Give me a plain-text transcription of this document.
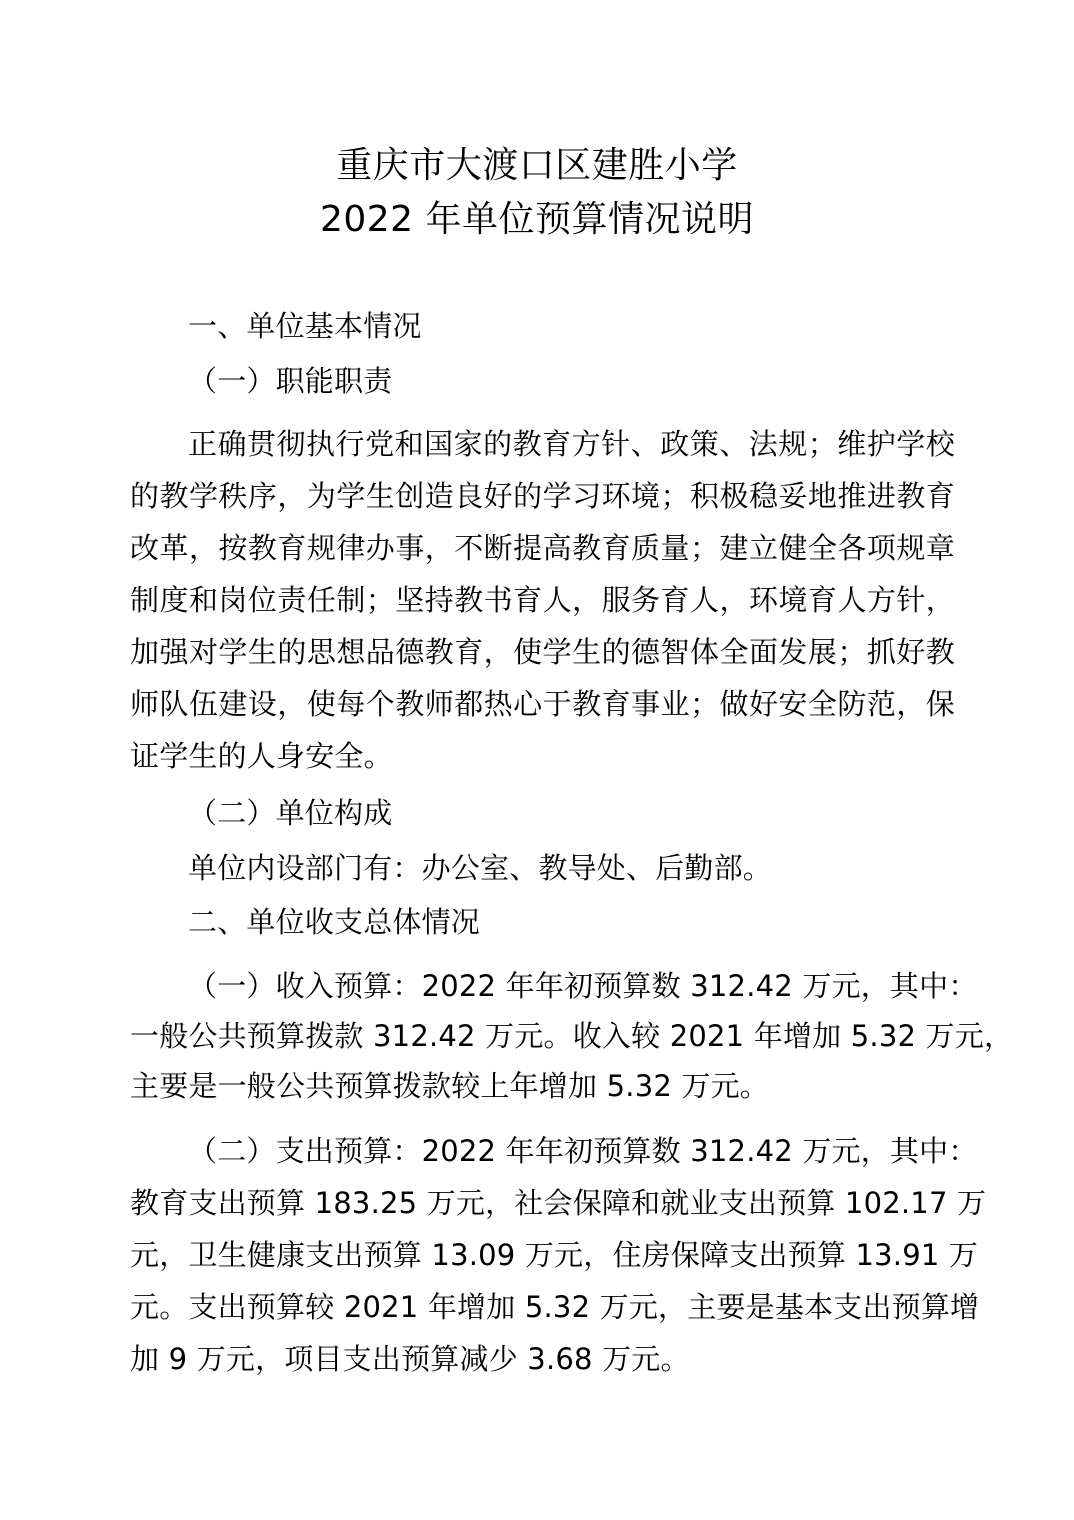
重庆市大渡口区建胜小学
2022 年单位预算情况说明
一、单位基本情况
（一）职能职责
正确贯彻执行党和国家的教育方针、政策、法规；维护学校
的教学秩序，为学生创造良好的学习环境；积极稳妥地推进教育
改革，按教育规律办事，不断提高教育质量；建立健全各项规章
制度和岗位责任制；坚持教书育人，服务育人，环境育人方针，
加强对学生的思想品德教育，使学生的德智体全面发展；抓好教
师队伍建设，使每个教师都热心于教育事业；做好安全防范，保
证学生的人身安全。
（二）单位构成
单位内设部门有：办公室、教导处、后勤部。
二、单位收支总体情况
（一）收入预算：2022 年年初预算数 312.42 万元，其中：
一般公共预算拨款 312.42 万元。收入较 2021 年增加 5.32 万元，
主要是一般公共预算拨款较上年增加 5.32 万元。
（二）支出预算：2022 年年初预算数 312.42 万元，其中：
教育支出预算 183.25 万元，社会保障和就业支出预算 102.17 万
元，卫生健康支出预算 13.09 万元，住房保障支出预算 13.91 万
元。支出预算较 2021 年增加 5.32 万元，主要是基本支出预算增
加 9 万元，项目支出预算减少 3.68 万元。
